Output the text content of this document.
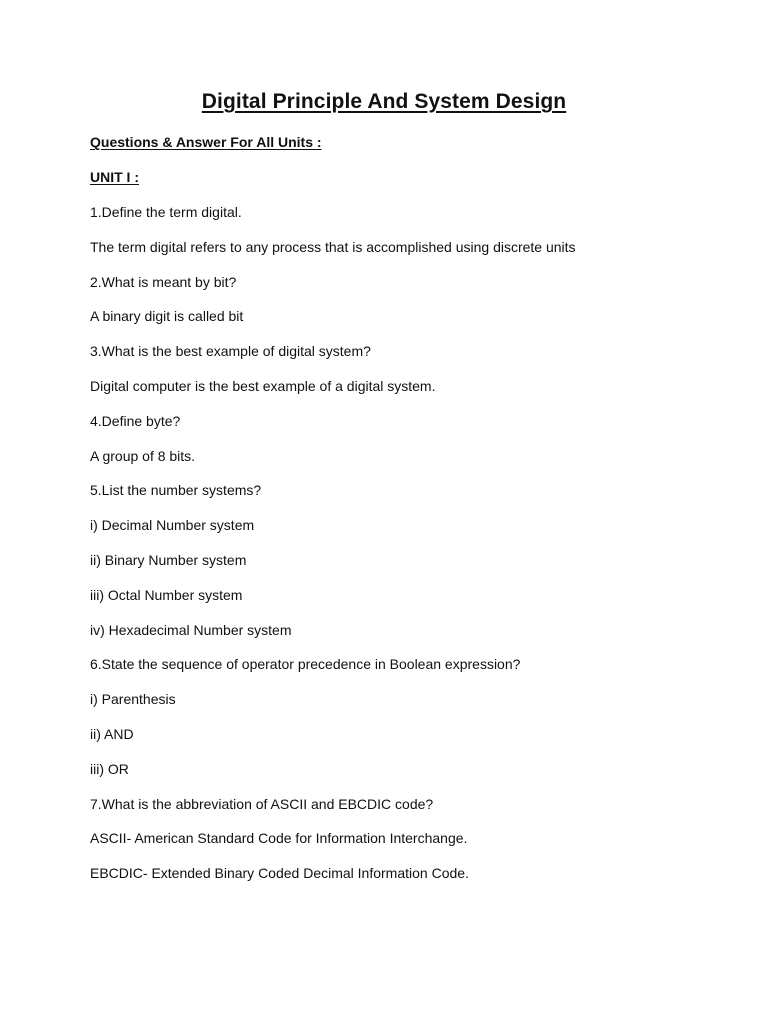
Digital Principle And System Design
Questions & Answer For All Units :
UNIT I :
1.Define the term digital.
The term digital refers to any process that is accomplished using discrete units
2.What is meant by bit?
A binary digit is called bit
3.What is the best example of digital system?
Digital computer is the best example of a digital system.
4.Define byte?
A group of 8 bits.
5.List the number systems?
i) Decimal Number system
ii) Binary Number system
iii) Octal Number system
iv) Hexadecimal Number system
6.State the sequence of operator precedence in Boolean expression?
i) Parenthesis
ii) AND
iii) OR
7.What is the abbreviation of ASCII and EBCDIC code?
ASCII- American Standard Code for Information Interchange.
EBCDIC- Extended Binary Coded Decimal Information Code.
